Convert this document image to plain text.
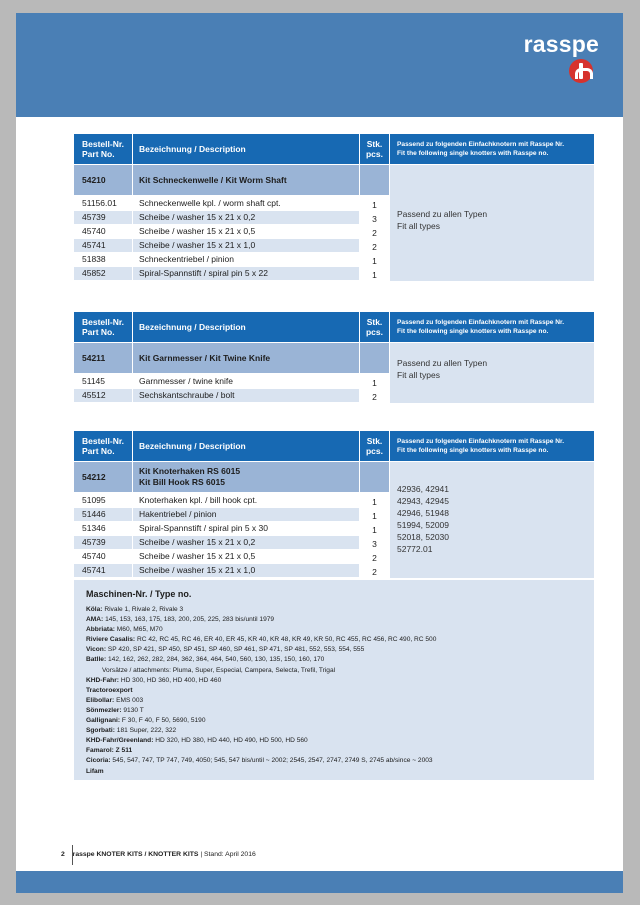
rasspe
Bestell-Nr.
Part No.	Bezeichnung / Description	Stk.
pcs.
Passend zu folgenden Einfachknotern mit Rasspe Nr.
Fit the following single knotters with Rasspe no.
54210	Kit Schneckenwelle / Kit Worm Shaft
51156.01	Schneckenwelle kpl. / worm shaft cpt.	1
45739	Scheibe / washer 15 x 21 x 0,2	3
45740	Scheibe / washer 15 x 21 x 0,5	2
45741	Scheibe / washer 15 x 21 x 1,0	2
51838	Schneckentriebel / pinion	1
45852	Spiral-Spannstift / spiral pin 5 x 22	1
Passend zu allen Typen
Fit all types
Bestell-Nr.
Part No.	Bezeichnung / Description	Stk.
pcs.
Passend zu folgenden Einfachknotern mit Rasspe Nr.
Fit the following single knotters with Rasspe no.
54211	Kit Garnmesser / Kit Twine Knife
51145	Garnmesser / twine knife	1
45512	Sechskantschraube / bolt	2
Passend zu allen Typen
Fit all types
Bestell-Nr.
Part No.	Bezeichnung / Description	Stk.
pcs.
Passend zu folgenden Einfachknotern mit Rasspe Nr.
Fit the following single knotters with Rasspe no.
54212
Kit Knoterhaken RS 6015
Kit Bill Hook RS 6015
51095	Knoterhaken kpl. / bill hook cpt.	1
51446	Hakentriebel / pinion	1
51346	Spiral-Spannstift / spiral pin 5 x 30	1
45739	Scheibe / washer 15 x 21 x 0,2	3
45740	Scheibe / washer 15 x 21 x 0,5	2
45741	Scheibe / washer 15 x 21 x 1,0	2
42936, 42941
42943, 42945
42946, 51948
51994, 52009
52018, 52030
52772.01
Maschinen-Nr. / Type no.
Köla: Rivale 1, Rivale 2, Rivale 3
AMA: 145, 153, 163, 175, 183, 200, 205, 225, 283 bis/until 1979
Abbriata: M60, M65, M70
Riviere Casalis: RC 42, RC 45, RC 46, ER 40, ER 45, KR 40, KR 48, KR 49, KR 50, RC 455, RC 456, RC 490, RC 500
Vicon: SP 420, SP 421, SP 450, SP 451, SP 460, SP 461, SP 471, SP 481, 552, 553, 554, 555
Batlle: 142, 162, 262, 282, 284, 362, 364, 464, 540, 560, 130, 135, 150, 160, 170
Vorsätze / attachments: Pluma, Super, Especial, Campera, Selecta, Trefil, Trigal
KHD-Fahr: HD 300, HD 360, HD 400, HD 460
Tractoroexport
Elibollar: EMS 003
Sönmezler: 9130 T
Gallignani: F 30, F 40, F 50, 5690, 5190
Sgorbati: 181 Super, 222, 322
KHD-Fahr/Greenland: HD 320, HD 380, HD 440, HD 490, HD 500, HD 560
Famarol: Z 511
Cicoria: 545, 547, 747, TP 747, 749, 4050; 545, 547 bis/until ~ 2002; 2545, 2547, 2747, 2749 S, 2745 ab/since ~ 2003
Lifam
2 rasspe KNOTER KITS / KNOTTER KITS | Stand: April 2016
